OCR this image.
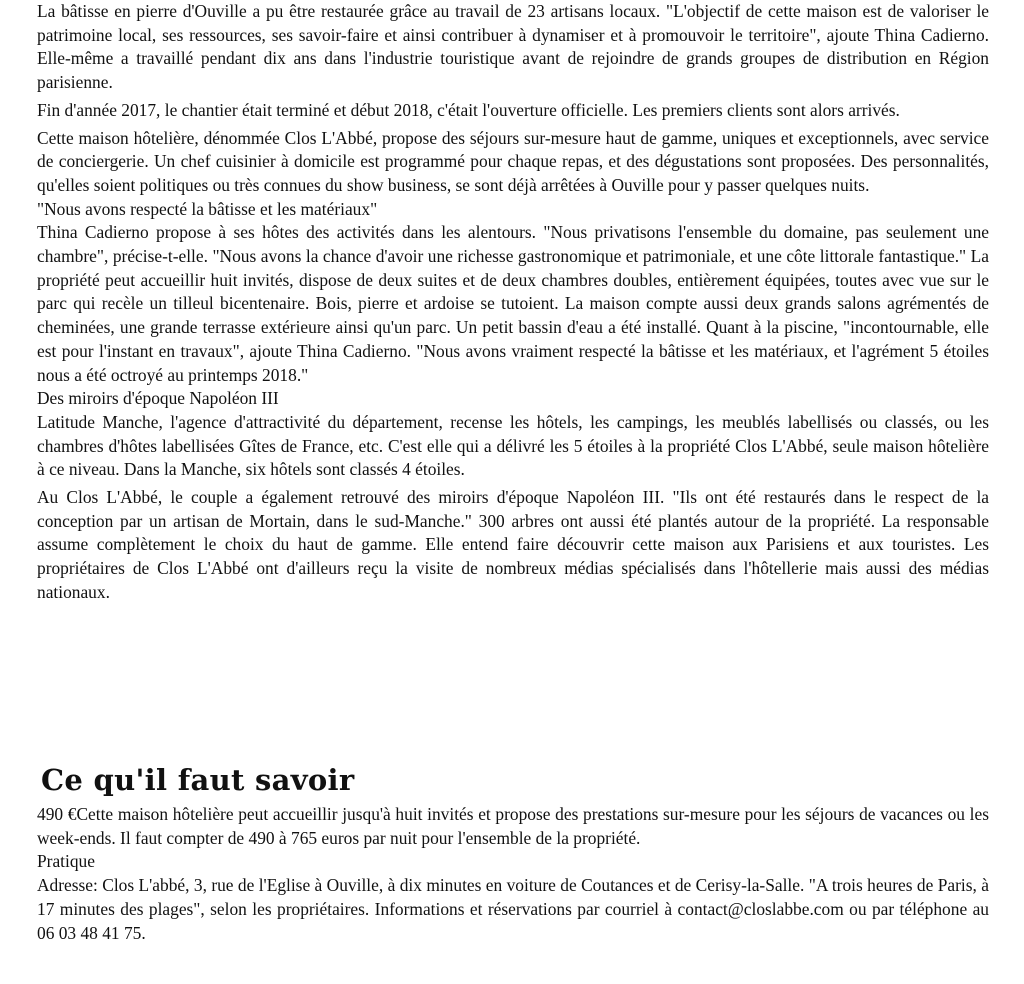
La bâtisse en pierre d'Ouville a pu être restaurée grâce au travail de 23 artisans locaux. "L'objectif de cette maison est de valoriser le patrimoine local, ses ressources, ses savoir-faire et ainsi contribuer à dynamiser et à promouvoir le territoire", ajoute Thina Cadierno. Elle-même a travaillé pendant dix ans dans l'industrie touristique avant de rejoindre de grands groupes de distribution en Région parisienne.

Fin d'année 2017, le chantier était terminé et début 2018, c'était l'ouverture officielle. Les premiers clients sont alors arrivés.

Cette maison hôtelière, dénommée Clos L'Abbé, propose des séjours sur-mesure haut de gamme, uniques et exceptionnels, avec service de conciergerie. Un chef cuisinier à domicile est programmé pour chaque repas, et des dégustations sont proposées. Des personnalités, qu'elles soient politiques ou très connues du show business, se sont déjà arrêtées à Ouville pour y passer quelques nuits.

"Nous avons respecté la bâtisse et les matériaux"

Thina Cadierno propose à ses hôtes des activités dans les alentours. "Nous privatisons l'ensemble du domaine, pas seulement une chambre", précise-t-elle. "Nous avons la chance d'avoir une richesse gastronomique et patrimoniale, et une côte littorale fantastique." La propriété peut accueillir huit invités, dispose de deux suites et de deux chambres doubles, entièrement équipées, toutes avec vue sur le parc qui recèle un tilleul bicentenaire. Bois, pierre et ardoise se tutoient. La maison compte aussi deux grands salons agrémentés de cheminées, une grande terrasse extérieure ainsi qu'un parc. Un petit bassin d'eau a été installé. Quant à la piscine, "incontournable, elle est pour l'instant en travaux", ajoute Thina Cadierno. "Nous avons vraiment respecté la bâtisse et les matériaux, et l'agrément 5 étoiles nous a été octroyé au printemps 2018."

Des miroirs d'époque Napoléon III

Latitude Manche, l'agence d'attractivité du département, recense les hôtels, les campings, les meublés labellisés ou classés, ou les chambres d'hôtes labellisées Gîtes de France, etc. C'est elle qui a délivré les 5 étoiles à la propriété Clos L'Abbé, seule maison hôtelière à ce niveau. Dans la Manche, six hôtels sont classés 4 étoiles.

Au Clos L'Abbé, le couple a également retrouvé des miroirs d'époque Napoléon III. "Ils ont été restaurés dans le respect de la conception par un artisan de Mortain, dans le sud-Manche." 300 arbres ont aussi été plantés autour de la propriété. La responsable assume complètement le choix du haut de gamme. Elle entend faire découvrir cette maison aux Parisiens et aux touristes. Les propriétaires de Clos L'Abbé ont d'ailleurs reçu la visite de nombreux médias spécialisés dans l'hôtellerie mais aussi des médias nationaux.

Ce qu'il faut savoir

490 €Cette maison hôtelière peut accueillir jusqu'à huit invités et propose des prestations sur-mesure pour les séjours de vacances ou les week-ends. Il faut compter de 490 à 765 euros par nuit pour l'ensemble de la propriété.

Pratique

Adresse: Clos L'abbé, 3, rue de l'Eglise à Ouville, à dix minutes en voiture de Coutances et de Cerisy-la-Salle. "A trois heures de Paris, à 17 minutes des plages", selon les propriétaires. Informations et réservations par courriel à contact@closlabbe.com ou par téléphone au 06 03 48 41 75.
